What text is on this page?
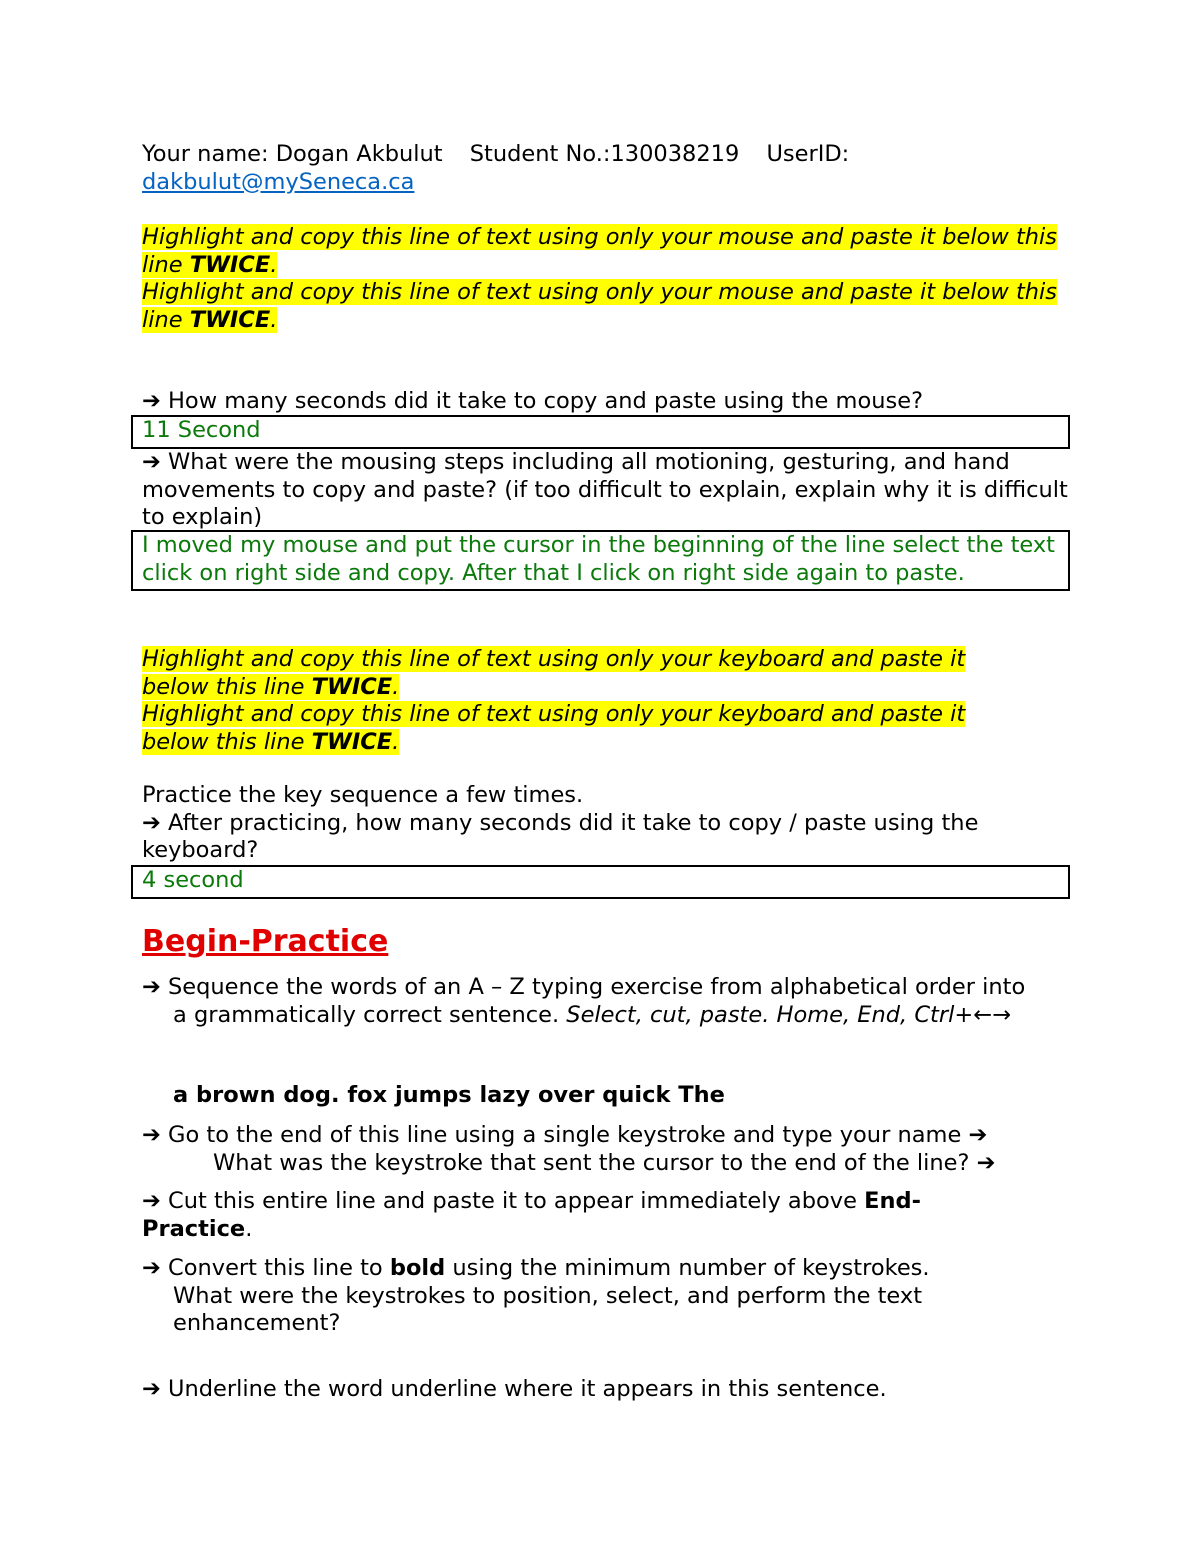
Your name: Dogan Akbulut Student No.:130038219 UserID:
dakbulut@mySeneca.ca
Highlight and copy this line of text using only your mouse and paste it below this line TWICE.
Highlight and copy this line of text using only your mouse and paste it below this line TWICE.
➔ How many seconds did it take to copy and paste using the mouse?
11 Second
➔ What were the mousing steps including all motioning, gesturing, and hand movements to copy and paste? (if too difficult to explain, explain why it is difficult to explain)
I moved my mouse and put the cursor in the beginning of the line select the text click on right side and copy. After that I click on right side again to paste.
Highlight and copy this line of text using only your keyboard and paste it below this line TWICE.
Highlight and copy this line of text using only your keyboard and paste it below this line TWICE.
Practice the key sequence a few times.
➔ After practicing, how many seconds did it take to copy / paste using the keyboard?
4 second
Begin-Practice
➔ Sequence the words of an A – Z typing exercise from alphabetical order into
a grammatically correct sentence. Select, cut, paste. Home, End, Ctrl+←→
a brown dog. fox jumps lazy over quick The
➔ Go to the end of this line using a single keystroke and type your name ➔
What was the keystroke that sent the cursor to the end of the line? ➔
➔ Cut this entire line and paste it to appear immediately above End-Practice.
➔ Convert this line to bold using the minimum number of keystrokes.

What were the keystrokes to position, select, and perform the text enhancement?
➔ Underline the word underline where it appears in this sentence.
